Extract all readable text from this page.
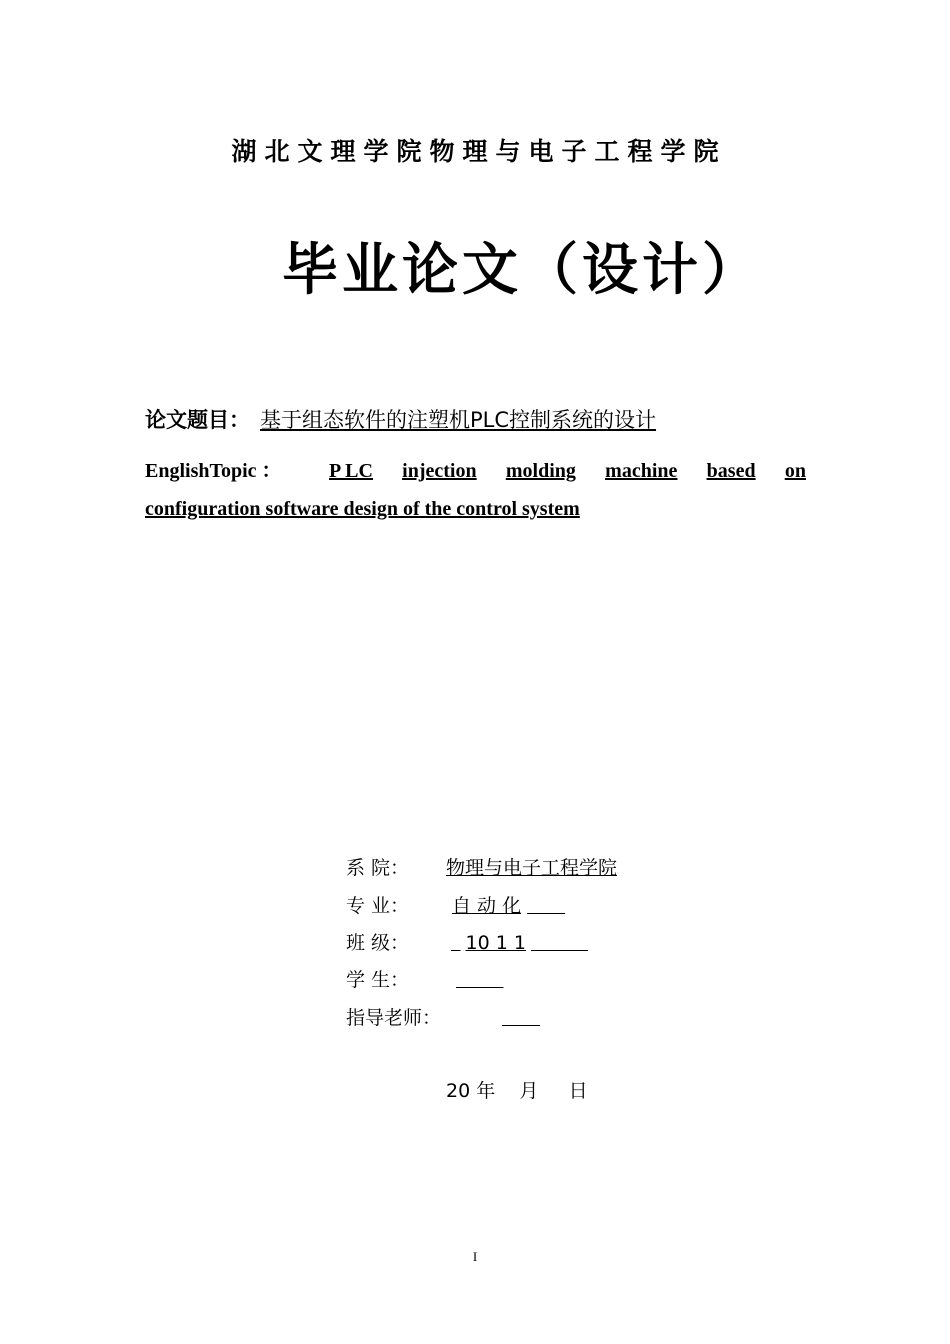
湖北文理学院物理与电子工程学院
毕业论文（设计）
论文题目： 基于组态软件的注塑机PLC控制系统的设计
EnglishTopic ：	P LC injection molding machine based on
configuration software design of the control system
系 院： 物理与电子工程学院
专 业： 自 动 化  
班 级： 	10 1 1   
学 生：   
指导老师：  
20 年    月     日
I
